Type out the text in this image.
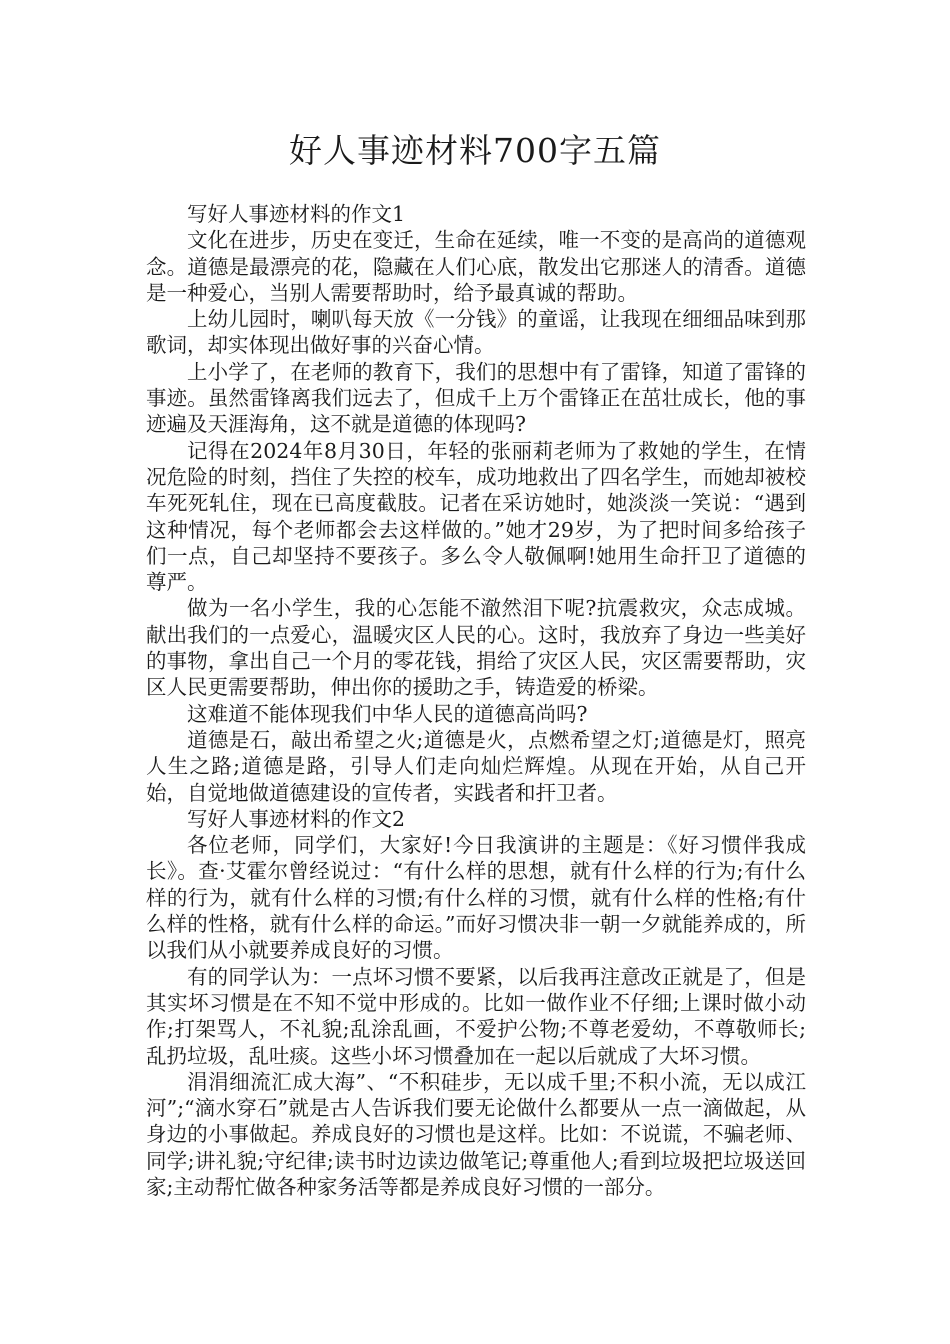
好人事迹材料700字五篇

写好人事迹材料的作文1

文化在进步，历史在变迁，生命在延续，唯一不变的是高尚的道德观念。道德是最漂亮的花，隐藏在人们心底，散发出它那迷人的清香。道德是一种爱心，当别人需要帮助时，给予最真诚的帮助。

上幼儿园时，喇叭每天放《一分钱》的童谣，让我现在细细品味到那歌词，却实体现出做好事的兴奋心情。

上小学了，在老师的教育下，我们的思想中有了雷锋，知道了雷锋的事迹。虽然雷锋离我们远去了，但成千上万个雷锋正在茁壮成长，他的事迹遍及天涯海角，这不就是道德的体现吗?

记得在2024年8月30日，年轻的张丽莉老师为了救她的学生，在情况危险的时刻，挡住了失控的校车，成功地救出了四名学生，而她却被校车死死轧住，现在已高度截肢。记者在采访她时，她淡淡一笑说：“遇到这种情况，每个老师都会去这样做的。”她才29岁，为了把时间多给孩子们一点，自己却坚持不要孩子。多么令人敬佩啊!她用生命扞卫了道德的尊严。

做为一名小学生，我的心怎能不澈然泪下呢?抗震救灾，众志成城。献出我们的一点爱心，温暖灾区人民的心。这时，我放弃了身边一些美好的事物，拿出自己一个月的零花钱，捐给了灾区人民，灾区需要帮助，灾区人民更需要帮助，伸出你的援助之手，铸造爱的桥梁。

这难道不能体现我们中华人民的道德高尚吗?

道德是石，敲出希望之火;道德是火，点燃希望之灯;道德是灯，照亮人生之路;道德是路，引导人们走向灿烂辉煌。从现在开始，从自己开始，自觉地做道德建设的宣传者，实践者和扞卫者。

写好人事迹材料的作文2

各位老师，同学们，大家好!今日我演讲的主题是：《好习惯伴我成长》。查·艾霍尔曾经说过：“有什么样的思想，就有什么样的行为;有什么样的行为，就有什么样的习惯;有什么样的习惯，就有什么样的性格;有什么样的性格，就有什么样的命运。”而好习惯决非一朝一夕就能养成的，所以我们从小就要养成良好的习惯。

有的同学认为：一点坏习惯不要紧，以后我再注意改正就是了，但是其实坏习惯是在不知不觉中形成的。比如一做作业不仔细;上课时做小动作;打架骂人，不礼貌;乱涂乱画，不爱护公物;不尊老爱幼，不尊敬师长;乱扔垃圾，乱吐痰。这些小坏习惯叠加在一起以后就成了大坏习惯。

涓涓细流汇成大海”、“不积硅步，无以成千里;不积小流，无以成江河”;“滴水穿石”就是古人告诉我们要无论做什么都要从一点一滴做起，从身边的小事做起。养成良好的习惯也是这样。比如：不说谎，不骗老师、同学;讲礼貌;守纪律;读书时边读边做笔记;尊重他人;看到垃圾把垃圾送回家;主动帮忙做各种家务活等都是养成良好习惯的一部分。
